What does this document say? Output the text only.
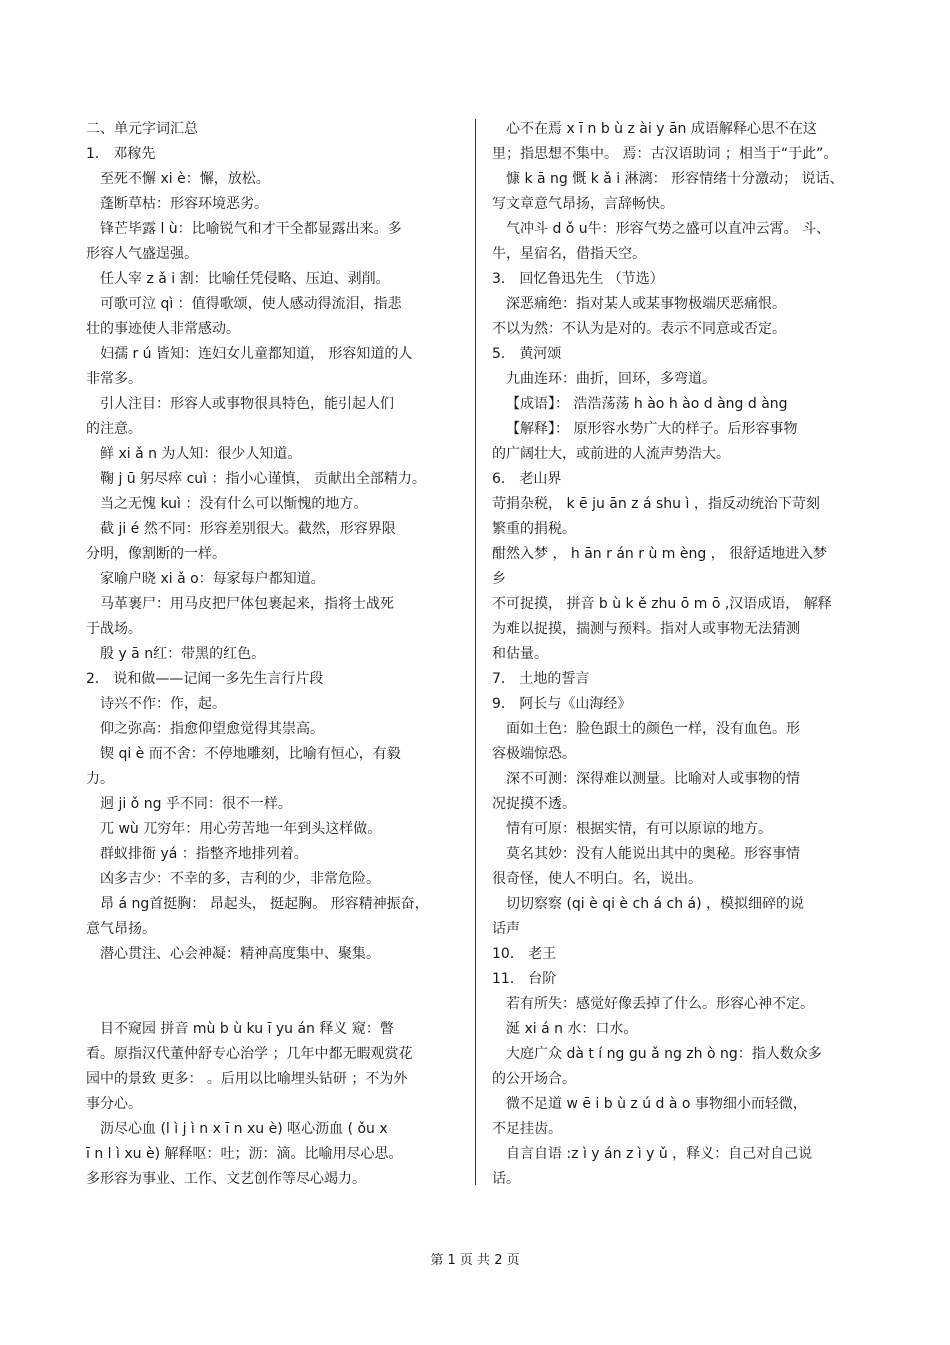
二、单元字词汇总
1． 邓稼先
至死不懈 xi è：懈，放松。
蓬断草枯：形容环境恶劣。
锋芒毕露 l ù：比喻锐气和才干全都显露出来。多
形容人气盛逞强。
任人宰 z ǎ i 割：比喻任凭侵略、压迫、剥削。
可歌可泣 qì ：值得歌颂，使人感动得流泪，指悲
壮的事迹使人非常感动。
妇孺 r ú 皆知：连妇女儿童都知道， 形容知道的人
非常多。
引人注目：形容人或事物很具特色，能引起人们
的注意。
鲜 xi ǎ n 为人知：很少人知道。
鞠 j ū 躬尽瘁 cuì ：指小心谨慎， 贡献出全部精力。
当之无愧 kuì ：没有什么可以惭愧的地方。
截 ji é 然不同：形容差别很大。截然，形容界限
分明，像割断的一样。
家喻户晓 xi ǎ o：每家每户都知道。
马革裹尸：用马皮把尸体包裹起来，指将士战死
于战场。
殷 y ā n红：带黑的红色。
2． 说和做——记闻一多先生言行片段
诗兴不作：作，起。
仰之弥高：指愈仰望愈觉得其崇高。
锲 qi è 而不舍：不停地雕刻，比喻有恒心，有毅
力。
迥 ji ǒ ng 乎不同：很不一样。
兀 wù 兀穷年：用心劳苦地一年到头这样做。
群蚁排衙 yá ：指整齐地排列着。
凶多吉少：不幸的多，吉利的少，非常危险。
昂 á ng首挺胸： 昂起头， 挺起胸。 形容精神振奋，
意气昂扬。
潜心贯注、心会神凝：精神高度集中、聚集。
目不窥园 拼音 mù b ù ku ī yu án 释义 窥：瞥
看。原指汉代董仲舒专心治学 ；几年中都无暇观赏花
园中的景致 更多： 。后用以比喻埋头钻研 ；不为外
事分心。
沥尽心血 (l ì j ì n x ī n xu è) 呕心沥血 ( ǒu x
ī n l ì xu è) 解释呕：吐；沥：滴。比喻用尽心思。
多形容为事业、工作、文艺创作等尽心竭力。
心不在焉 x ī n b ù z ài y ān 成语解释心思不在这
里；指思想不集中。 焉：古汉语助词 ；相当于“于此”。
慷 k ā ng 慨 k ǎ i 淋漓： 形容情绪十分激动； 说话、
写文章意气昂扬，言辞畅快。
气冲斗 d ǒ u牛：形容气势之盛可以直冲云霄。 斗、
牛，星宿名，借指天空。
3． 回忆鲁迅先生 （节选）
深恶痛绝：指对某人或某事物极端厌恶痛恨。
不以为然：不认为是对的。表示不同意或否定。
5． 黄河颂
九曲连环：曲折，回环，多弯道。
【成语】： 浩浩荡荡 h ào h ào d àng d àng
【解释】： 原形容水势广大的样子。后形容事物
的广阔壮大，或前进的人流声势浩大。
6． 老山界
苛捐杂税， k ē ju ān z á shu ì ，指反动统治下苛刻
繁重的捐税。
酣然入梦 ， h ān r án r ù m èng ， 很舒适地进入梦
乡
不可捉摸， 拼音 b ù k ě zhu ō m ō ,汉语成语， 解释
为难以捉摸，揣测与预料。指对人或事物无法猜测
和估量。
7． 土地的誓言
9． 阿长与《山海经》
面如土色：脸色跟土的颜色一样，没有血色。形
容极端惊恐。
深不可测：深得难以测量。比喻对人或事物的情
况捉摸不透。
情有可原：根据实情，有可以原谅的地方。
莫名其妙：没有人能说出其中的奥秘。形容事情
很奇怪，使人不明白。名，说出。
切切察察 (qi è qi è ch á ch á) ，模拟细碎的说
话声
10． 老王
11． 台阶
若有所失：感觉好像丢掉了什么。形容心神不定。
涎 xi á n 水：口水。
大庭广众 dà t í ng gu ǎ ng zh ò ng：指人数众多
的公开场合。
微不足道 w ē i b ù z ú d à o 事物细小而轻微，
不足挂齿。
自言自语 :z ì y án z ì y ǔ ，释义：自己对自己说
话。
第 1 页 共 2 页
